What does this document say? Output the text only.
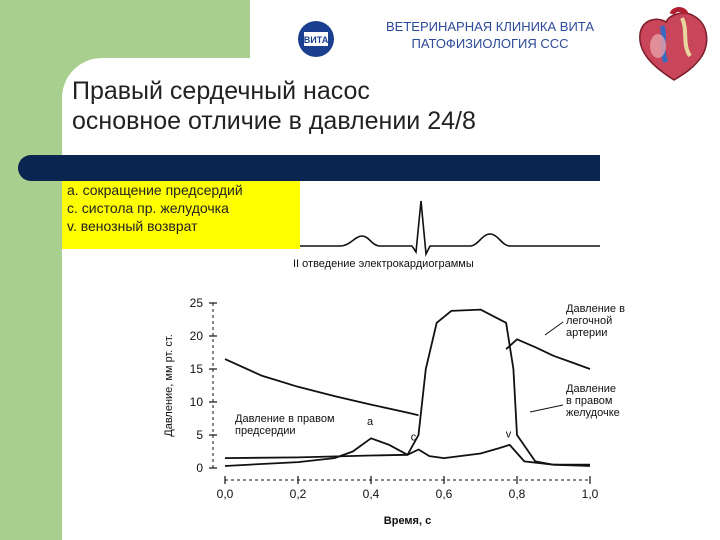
ВИТА
ВЕТЕРИНАРНАЯ КЛИНИКА ВИТА
ПАТОФИЗИОЛОГИЯ ССС
Правый сердечный насос
основное отличие в давлении 24/8
a. сокращение предсердий
c. систола пр. желудочка
v. венозный возврат
II отведение электрокардиограммы
0
5
10
15
20
25
0,0	0,2	0,4	0,6	0,8	1,0
Время, с
Давление, мм рт. ст.
Давление в легочной артерии
Давление в правом желудочке
Давление в правом предсердии
a
c	v
